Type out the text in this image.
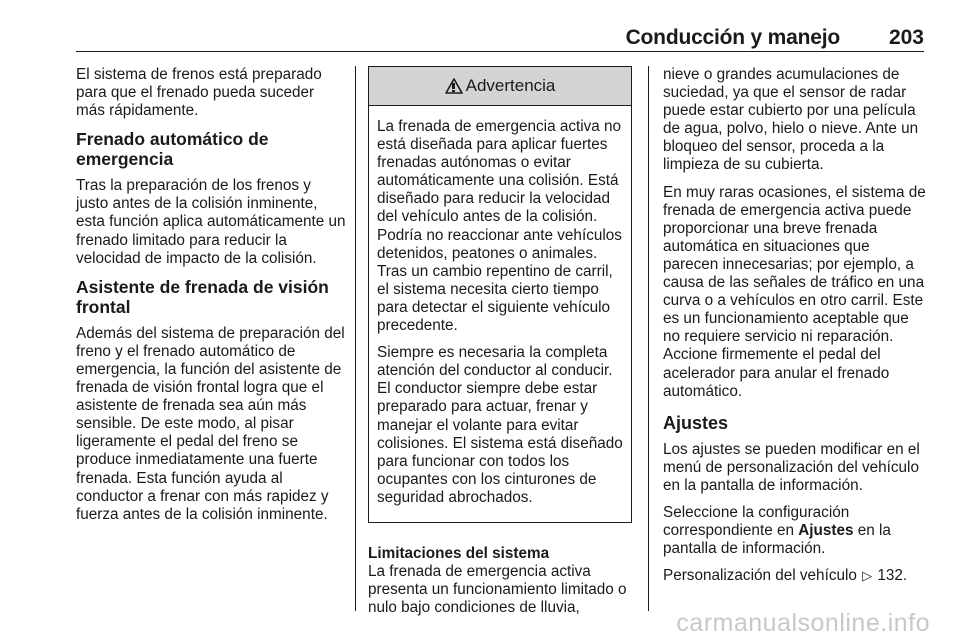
Conducción y manejo 203

El sistema de frenos está preparado para que el frenado pueda suceder más rápidamente.

Frenado automático de emergencia

Tras la preparación de los frenos y justo antes de la colisión inminente, esta función aplica automáticamente un frenado limitado para reducir la velocidad de impacto de la colisión.

Asistente de frenada de visión frontal

Además del sistema de preparación del freno y el frenado automático de emergencia, la función del asistente de frenada de visión frontal logra que el asistente de frenada sea aún más sensible. De este modo, al pisar ligeramente el pedal del freno se produce inmediatamente una fuerte frenada. Esta función ayuda al conductor a frenar con más rapidez y fuerza antes de la colisión inminente.

Advertencia

La frenada de emergencia activa no está diseñada para aplicar fuertes frenadas autónomas o evitar automáticamente una colisión. Está diseñado para reducir la velocidad del vehículo antes de la colisión. Podría no reaccionar ante vehículos detenidos, peatones o animales. Tras un cambio repentino de carril, el sistema necesita cierto tiempo para detectar el siguiente vehículo precedente.

Siempre es necesaria la completa atención del conductor al conducir. El conductor siempre debe estar preparado para actuar, frenar y manejar el volante para evitar colisiones. El sistema está diseñado para funcionar con todos los ocupantes con los cinturones de seguridad abrochados.

Limitaciones del sistema

La frenada de emergencia activa presenta un funcionamiento limitado o nulo bajo condiciones de lluvia,

nieve o grandes acumulaciones de suciedad, ya que el sensor de radar puede estar cubierto por una película de agua, polvo, hielo o nieve. Ante un bloqueo del sensor, proceda a la limpieza de su cubierta.

En muy raras ocasiones, el sistema de frenada de emergencia activa puede proporcionar una breve frenada automática en situaciones que parecen innecesarias; por ejemplo, a causa de las señales de tráfico en una curva o a vehículos en otro carril. Este es un funcionamiento aceptable que no requiere servicio ni reparación. Accione firmemente el pedal del acelerador para anular el frenado automático.

Ajustes

Los ajustes se pueden modificar en el menú de personalización del vehículo en la pantalla de información.

Seleccione la configuración correspondiente en Ajustes en la pantalla de información.

Personalización del vehículo ▷ 132.

carmanualsonline.info
